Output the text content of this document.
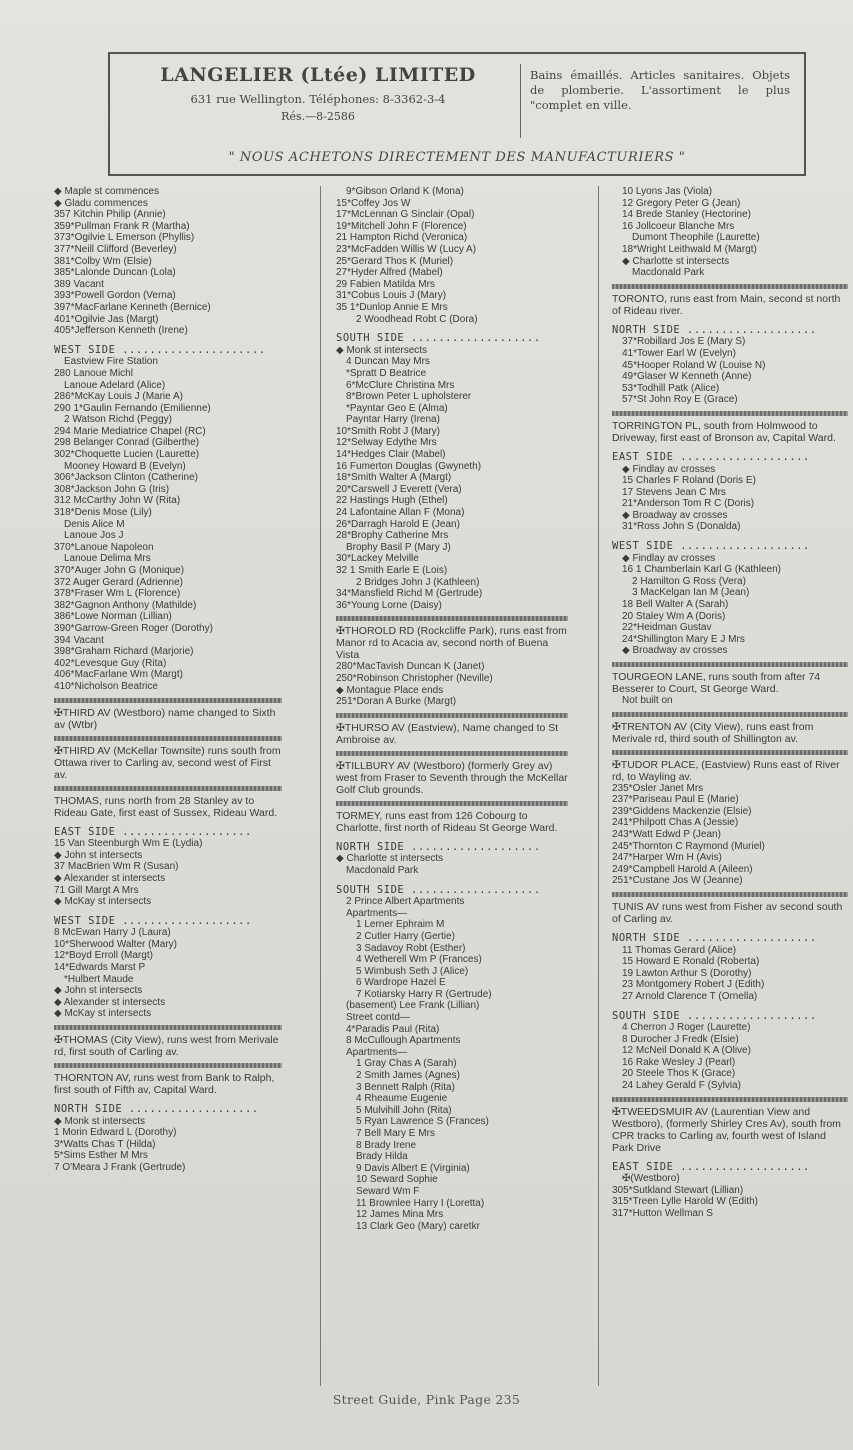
LANGELIER (Ltée) LIMITED
631 rue Wellington. Téléphones: 8-3362-3-4
Rés.—8-2586
Bains émaillés. Articles sanitaires. Objets de plomberie. L'assortiment le plus "complet en ville.
" NOUS ACHETONS DIRECTEMENT DES MANUFACTURIERS "
◆ Maple st commences
◆ Gladu commences
357 Kitchin Philip (Annie)
359*Pullman Frank R (Martha)
373*Ogilvie L Emerson (Phyllis)
377*Neill Clifford (Beverley)
381*Colby Wm (Elsie)
385*Lalonde Duncan (Lola)
389 Vacant
393*Powell Gordon (Verna)
397*MacFarlane Kenneth (Bernice)
401*Ogilvie Jas (Margt)
405*Jefferson Kenneth (Irene)
WEST SIDE .....................
Eastview Fire Station
280 Lanoue Michl
Lanoue Adelard (Alice)
286*McKay Louis J (Marie A)
290 1*Gaulin Fernando (Emilienne)
2 Watson Richd (Peggy)
294 Marie Mediatrice Chapel (RC)
298 Belanger Conrad (Gilberthe)
302*Choquette Lucien (Laurette)
Mooney Howard B (Evelyn)
306*Jackson Clinton (Catherine)
308*Jackson John G (Iris)
312 McCarthy John W (Rita)
318*Denis Mose (Lily)
Denis Alice M
Lanoue Jos J
370*Lanoue Napoleon
Lanoue Delima Mrs
370*Auger John G (Monique)
372 Auger Gerard (Adrienne)
378*Fraser Wm L (Florence)
382*Gagnon Anthony (Mathilde)
386*Lowe Norman (Lillian)
390*Garrow-Green Roger (Dorothy)
394 Vacant
398*Graham Richard (Marjorie)
402*Levesque Guy (Rita)
406*MacFarlane Wm (Margt)
410*Nicholson Beatrice
✠THIRD AV (Westboro) name changed to Sixth av (Wtbr)
✠THIRD AV (McKellar Townsite) runs south from Ottawa river to Carling av, second west of First av.
THOMAS, runs north from 28 Stanley av to Rideau Gate, first east of Sussex, Rideau Ward.
EAST SIDE ...................
15 Van Steenburgh Wm E (Lydia)
◆ John st intersects
37 MacBrien Wm R (Susan)
◆ Alexander st intersects
71 Gill Margt A Mrs
◆ McKay st intersects
WEST SIDE ...................
8 McEwan Harry J (Laura)
10*Sherwood Walter (Mary)
12*Boyd Erroll (Margt)
14*Edwards Marst P
*Hulbert Maude
◆ John st intersects
◆ Alexander st intersects
◆ McKay st intersects
✠THOMAS (City View), runs west from Merivale rd, first south of Carling av.
THORNTON AV, runs west from Bank to Ralph, first south of Fifth av, Capital Ward.
NORTH SIDE ...................
◆ Monk st intersects
1 Morin Edward L (Dorothy)
3*Watts Chas T (Hilda)
5*Sims Esther M Mrs
7 O'Meara J Frank (Gertrude)
9*Gibson Orland K (Mona)
15*Coffey Jos W
17*McLennan G Sinclair (Opal)
19*Mitchell John F (Florence)
21 Hampton Richd (Veronica)
23*McFadden Willis W (Lucy A)
25*Gerard Thos K (Muriel)
27*Hyder Alfred (Mabel)
29 Fabien Matilda Mrs
31*Cobus Louis J (Mary)
35 1*Dunlop Annie E Mrs
2 Woodhead Robt C (Dora)
SOUTH SIDE ...................
◆ Monk st intersects
4 Duncan May Mrs
*Spratt D Beatrice
6*McClure Christina Mrs
8*Brown Peter L upholsterer
*Payntar Geo E (Alma)
Payntar Harry (Irena)
10*Smith Robt J (Mary)
12*Selway Edythe Mrs
14*Hedges Clair (Mabel)
16 Fumerton Douglas (Gwyneth)
18*Smith Walter A (Margt)
20*Carswell J Everett (Vera)
22 Hastings Hugh (Ethel)
24 Lafontaine Allan F (Mona)
26*Darragh Harold E (Jean)
28*Brophy Catherine Mrs
Brophy Basil P (Mary J)
30*Lackey Melville
32 1 Smith Earle E (Lois)
2 Bridges John J (Kathleen)
34*Mansfield Richd M (Gertrude)
36*Young Lorne (Daisy)
✠THOROLD RD (Rockcliffe Park), runs east from Manor rd to Acacia av, second north of Buena Vista
280*MacTavish Duncan K (Janet)
250*Robinson Christopher (Neville)
◆ Montague Place ends
251*Doran A Burke (Margt)
✠THURSO AV (Eastview), Name changed to St Ambroise av.
✠TILLBURY AV (Westboro) (formerly Grey av) west from Fraser to Seventh through the McKellar Golf Club grounds.
TORMEY, runs east from 126 Cobourg to Charlotte, first north of Rideau St George Ward.
NORTH SIDE ...................
◆ Charlotte st intersects
Macdonald Park
SOUTH SIDE ...................
2 Prince Albert Apartments
Apartments—
1 Lerner Ephraim M
2 Cutler Harry (Gertie)
3 Sadavoy Robt (Esther)
4 Wetherell Wm P (Frances)
5 Wimbush Seth J (Alice)
6 Wardrope Hazel E
7 Kotiarsky Harry R (Gertrude)
(basement) Lee Frank (Lillian)
Street contd—
4*Paradis Paul (Rita)
8 McCullough Apartments
Apartments—
1 Gray Chas A (Sarah)
2 Smith James (Agnes)
3 Bennett Ralph (Rita)
4 Rheaume Eugenie
5 Mulvihill John (Rita)
5 Ryan Lawrence S (Frances)
7 Bell Mary E Mrs
8 Brady Irene
Brady Hilda
9 Davis Albert E (Virginia)
10 Seward Sophie
Seward Wm F
11 Brownlee Harry I (Loretta)
12 James Mina Mrs
13 Clark Geo (Mary) caretkr
10 Lyons Jas (Viola)
12 Gregory Peter G (Jean)
14 Brede Stanley (Hectorine)
16 Jollcoeur Blanche Mrs
Dumont Theophile (Laurette)
18*Wright Leithwald M (Margt)
◆ Charlotte st intersects
Macdonald Park
TORONTO, runs east from Main, second st north of Rideau river.
NORTH SIDE ...................
37*Robillard Jos E (Mary S)
41*Tower Earl W (Evelyn)
45*Hooper Roland W (Louise N)
49*Glaser W Kenneth (Anne)
53*Todhill Patk (Alice)
57*St John Roy E (Grace)
TORRINGTON PL, south from Holmwood to Driveway, first east of Bronson av, Capital Ward.
EAST SIDE ...................
◆ Findlay av crosses
15 Charles F Roland (Doris E)
17 Stevens Jean C Mrs
21*Anderson Tom R C (Doris)
◆ Broadway av crosses
31*Ross John S (Donalda)
WEST SIDE ...................
◆ Findlay av crosses
16 1 Chamberlain Karl G (Kathleen)
2 Hamilton G Ross (Vera)
3 MacKelgan Ian M (Jean)
18 Bell Walter A (Sarah)
20 Staley Wm A (Doris)
22*Heidman Gustav
24*Shillington Mary E J Mrs
◆ Broadway av crosses
TOURGEON LANE, runs south from after 74 Besserer to Court, St George Ward.
Not built on
✠TRENTON AV (City View), runs east from Merivale rd, third south of Shillington av.
✠TUDOR PLACE, (Eastview) Runs east of River rd, to Wayling av.
235*Osler Janet Mrs
237*Pariseau Paul E (Marie)
239*Giddens Mackenzie (Elsie)
241*Philpott Chas A (Jessie)
243*Watt Edwd P (Jean)
245*Thornton C Raymond (Muriel)
247*Harper Wm H (Avis)
249*Campbell Harold A (Aileen)
251*Custane Jos W (Jeanne)
TUNIS AV runs west from Fisher av second south of Carling av.
NORTH SIDE ...................
11 Thomas Gerard (Alice)
15 Howard E Ronald (Roberta)
19 Lawton Arthur S (Dorothy)
23 Montgomery Robert J (Edith)
27 Arnold Clarence T (Ornella)
SOUTH SIDE ...................
4 Cherron J Roger (Laurette)
8 Durocher J Fredk (Elsie)
12 McNeil Donald K A (Olive)
16 Rake Wesley J (Pearl)
20 Steele Thos K (Grace)
24 Lahey Gerald F (Sylvia)
✠TWEEDSMUIR AV (Laurentian View and Westboro), (formerly Shirley Cres Av), south from CPR tracks to Carling av, fourth west of Island Park Drive
EAST SIDE ...................
✠(Westboro)
305*Sutkland Stewart (Lillian)
315*Treen Lylle Harold W (Edith)
317*Hutton Wellman S
Street Guide, Pink Page 235
